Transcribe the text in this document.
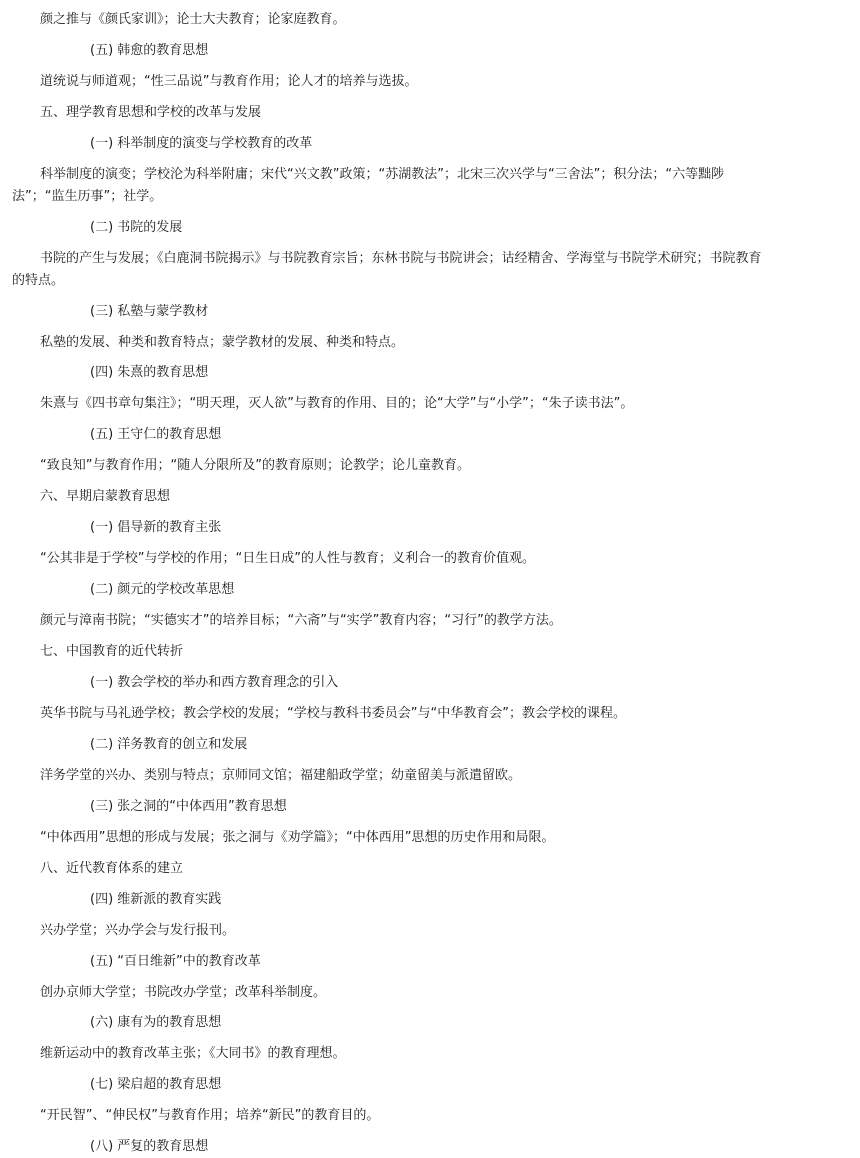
颜之推与《颜氏家训》；论士大夫教育；论家庭教育。

(五) 韩愈的教育思想

道统说与师道观；“性三品说”与教育作用；论人才的培养与选拔。

五、理学教育思想和学校的改革与发展

(一) 科举制度的演变与学校教育的改革

科举制度的演变；学校沦为科举附庸；宋代“兴文教”政策；“苏湖教法”；北宋三次兴学与“三舍法”；积分法；“六等黜陟

法”；“监生历事”；社学。

(二) 书院的发展

书院的产生与发展；《白鹿洞书院揭示》与书院教育宗旨；东林书院与书院讲会；诂经精舍、学海堂与书院学术研究；书院教育

的特点。

(三) 私塾与蒙学教材

私塾的发展、种类和教育特点；蒙学教材的发展、种类和特点。

(四) 朱熹的教育思想

朱熹与《四书章句集注》；“明天理，灭人欲”与教育的作用、目的；论“大学”与“小学”；“朱子读书法”。

(五) 王守仁的教育思想

“致良知”与教育作用；“随人分限所及”的教育原则；论教学；论儿童教育。

六、早期启蒙教育思想

(一) 倡导新的教育主张

“公其非是于学校”与学校的作用；“日生日成”的人性与教育；义利合一的教育价值观。

(二) 颜元的学校改革思想

颜元与漳南书院；“实德实才”的培养目标；“六斋”与“实学”教育内容；“习行”的教学方法。

七、中国教育的近代转折

(一) 教会学校的举办和西方教育理念的引入

英华书院与马礼逊学校；教会学校的发展；“学校与教科书委员会”与“中华教育会”；教会学校的课程。

(二) 洋务教育的创立和发展

洋务学堂的兴办、类别与特点；京师同文馆；福建船政学堂；幼童留美与派遣留欧。

(三) 张之洞的“中体西用”教育思想

“中体西用”思想的形成与发展；张之洞与《劝学篇》；“中体西用”思想的历史作用和局限。

八、近代教育体系的建立

(四) 维新派的教育实践

兴办学堂；兴办学会与发行报刊。

(五) “百日维新”中的教育改革

创办京师大学堂；书院改办学堂；改革科举制度。

(六) 康有为的教育思想

维新运动中的教育改革主张；《大同书》的教育理想。

(七) 梁启超的教育思想

“开民智”、“伸民权”与教育作用；培养“新民”的教育目的。

(八) 严复的教育思想
